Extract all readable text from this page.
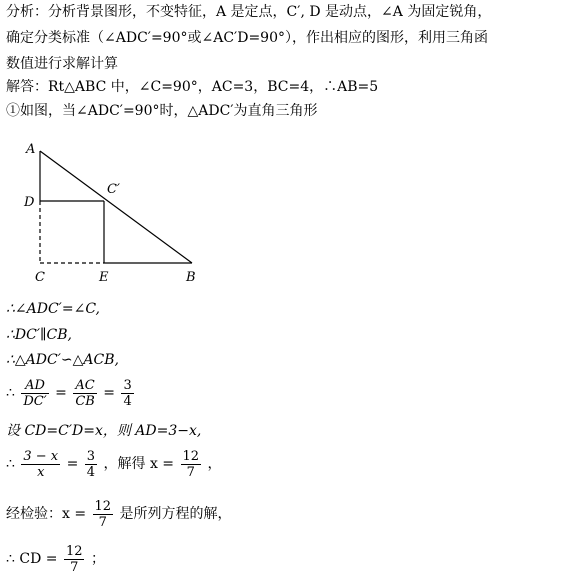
分析：分析背景图形，不变特征，A 是定点，C′, D 是动点，∠A 为固定锐角，
确定分类标准（∠ADC′=90°或∠AC′D=90°），作出相应的图形，利用三角函
数值进行求解计算
解答：Rt△ABC 中，∠C=90°，AC=3，BC=4，∴AB=5
①如图，当∠ADC′=90°时，△ADC′为直角三角形
A
D
C
C′
E	B
∴∠ADC′=∠C,
∴DC′∥CB,
∴△ADC′∽△ACB,
∴ $\frac{AD}{DC'} = \frac{AC}{CB} = \frac{3}{4}$
设 CD=C′D=x，则 AD=3−x,
∴ $\frac{3 - x}{x} = \frac{3}{4}$ ，解得 $x = \frac{12}{7}$ ，
经检验：$x = \frac{12}{7}$ 是所列方程的解，
∴ CD = $\frac{12}{7}$ ；
